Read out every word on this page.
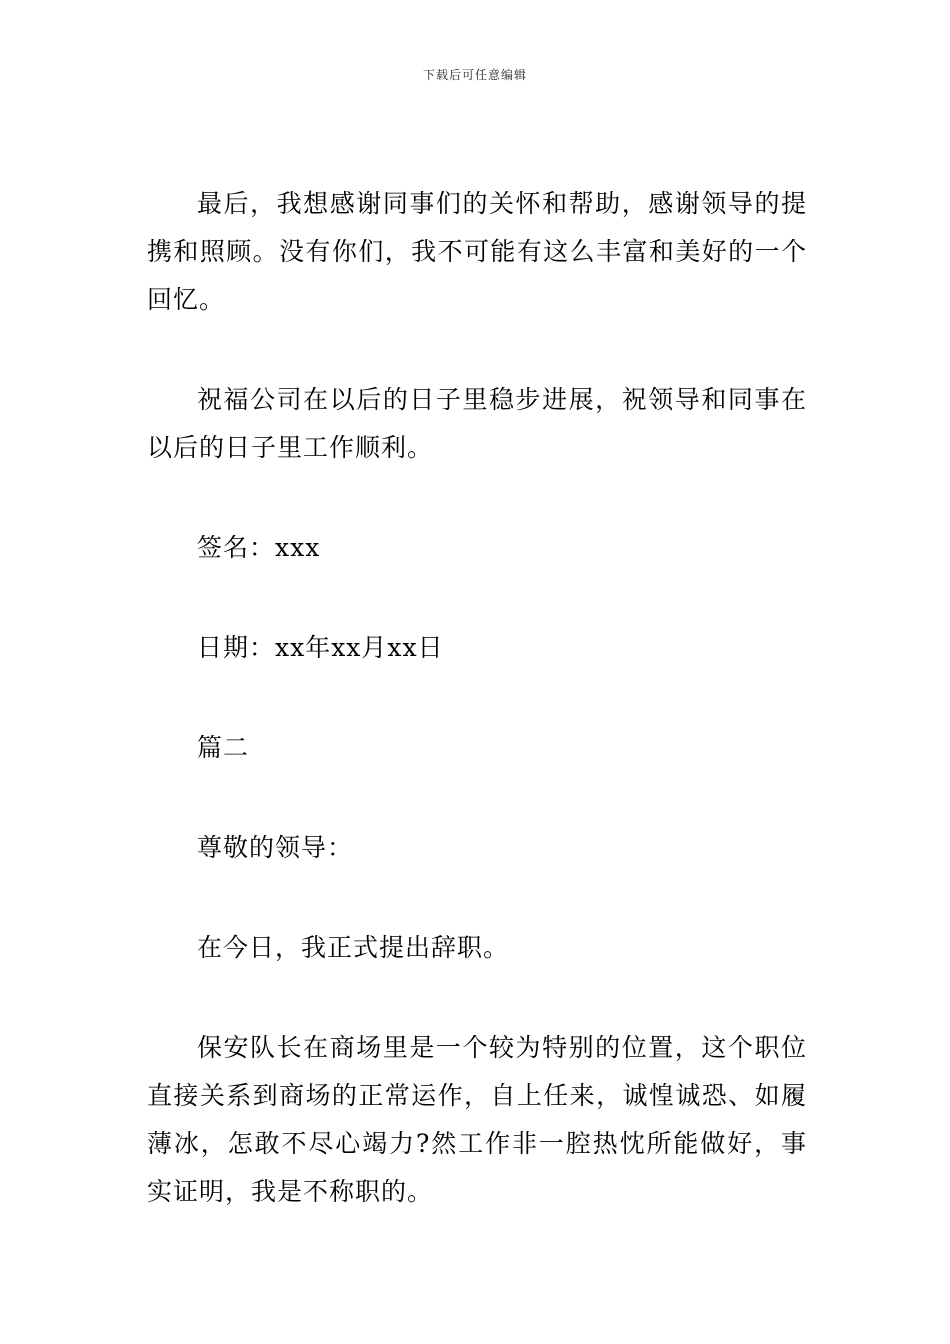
下载后可任意编辑

最后，我想感谢同事们的关怀和帮助，感谢领导的提携和照顾。没有你们，我不可能有这么丰富和美好的一个回忆。

祝福公司在以后的日子里稳步进展，祝领导和同事在以后的日子里工作顺利。

签名：xxx

日期：xx年xx月xx日

篇二

尊敬的领导：

在今日，我正式提出辞职。

保安队长在商场里是一个较为特别的位置，这个职位直接关系到商场的正常运作，自上任来，诚惶诚恐、如履薄冰，怎敢不尽心竭力?然工作非一腔热忱所能做好，事实证明，我是不称职的。
